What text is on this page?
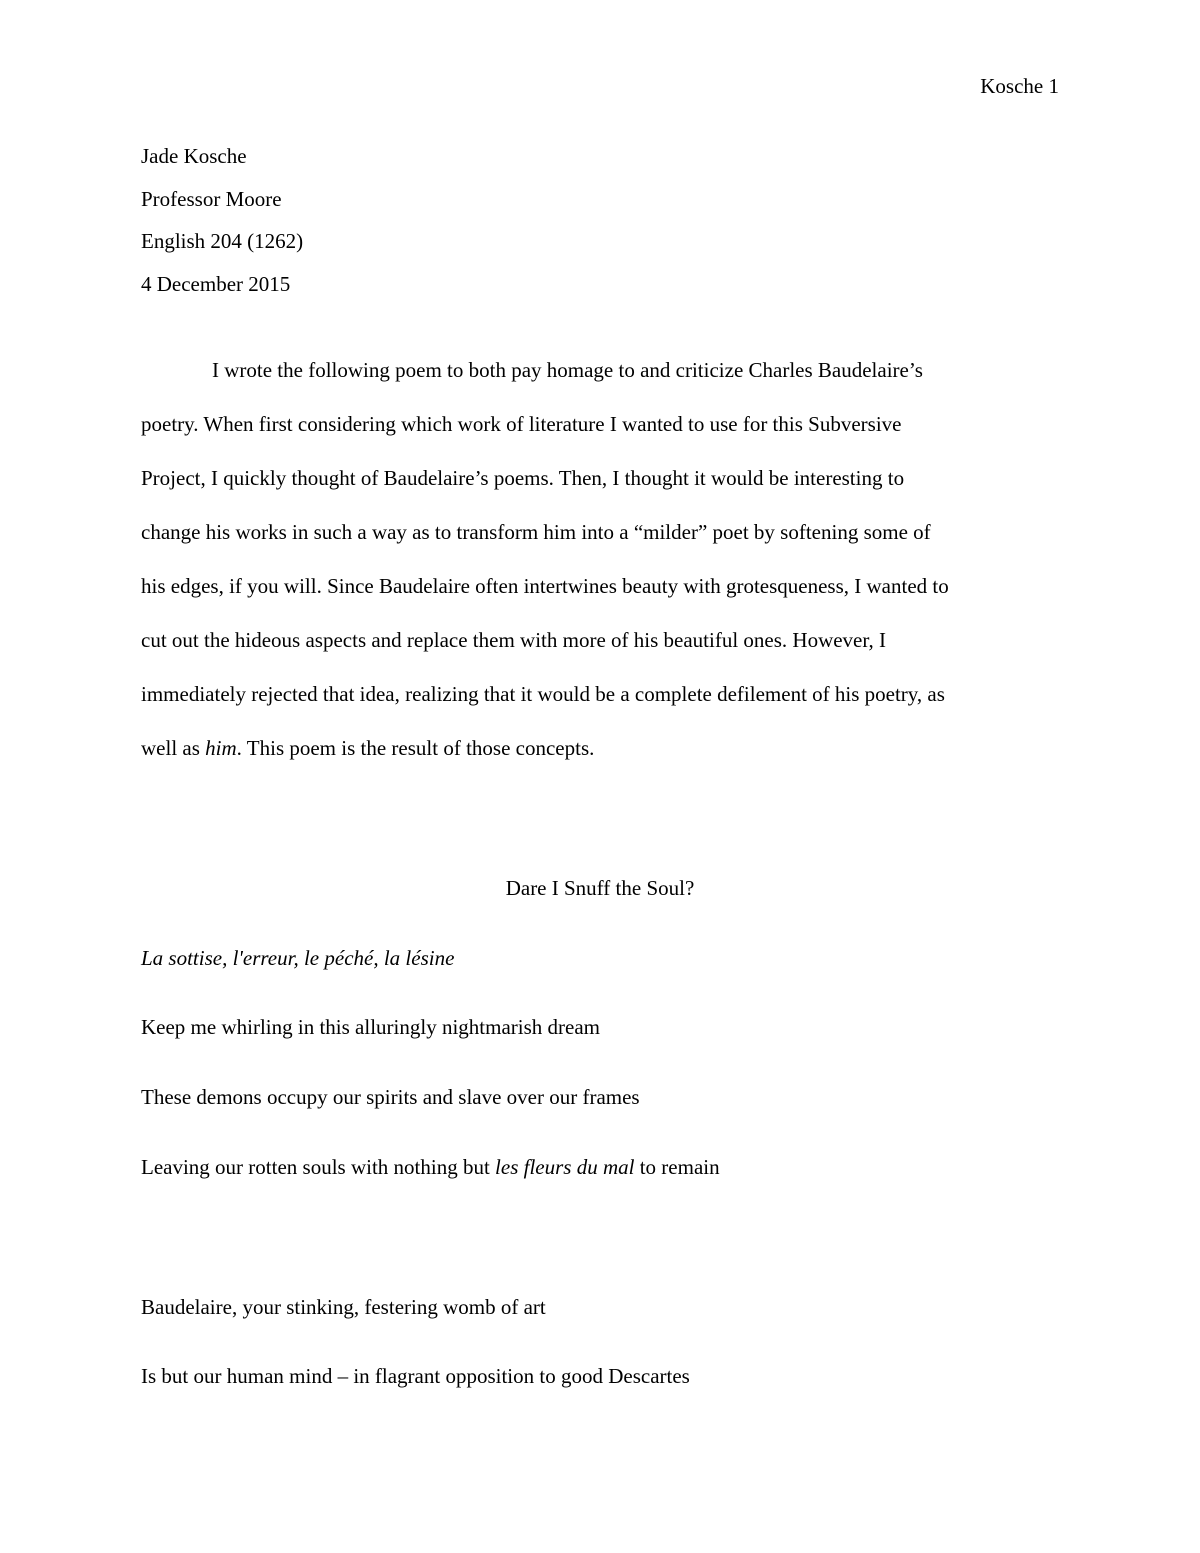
Kosche 1
Jade Kosche
Professor Moore
English 204 (1262)
4 December 2015
I wrote the following poem to both pay homage to and criticize Charles Baudelaire’s
poetry. When first considering which work of literature I wanted to use for this Subversive
Project, I quickly thought of Baudelaire’s poems. Then, I thought it would be interesting to
change his works in such a way as to transform him into a “milder” poet by softening some of
his edges, if you will. Since Baudelaire often intertwines beauty with grotesqueness, I wanted to
cut out the hideous aspects and replace them with more of his beautiful ones. However, I
immediately rejected that idea, realizing that it would be a complete defilement of his poetry, as
well as him. This poem is the result of those concepts.
Dare I Snuff the Soul?
La sottise, l'erreur, le péché, la lésine
Keep me whirling in this alluringly nightmarish dream
These demons occupy our spirits and slave over our frames
Leaving our rotten souls with nothing but les fleurs du mal to remain
Baudelaire, your stinking, festering womb of art
Is but our human mind – in flagrant opposition to good Descartes
